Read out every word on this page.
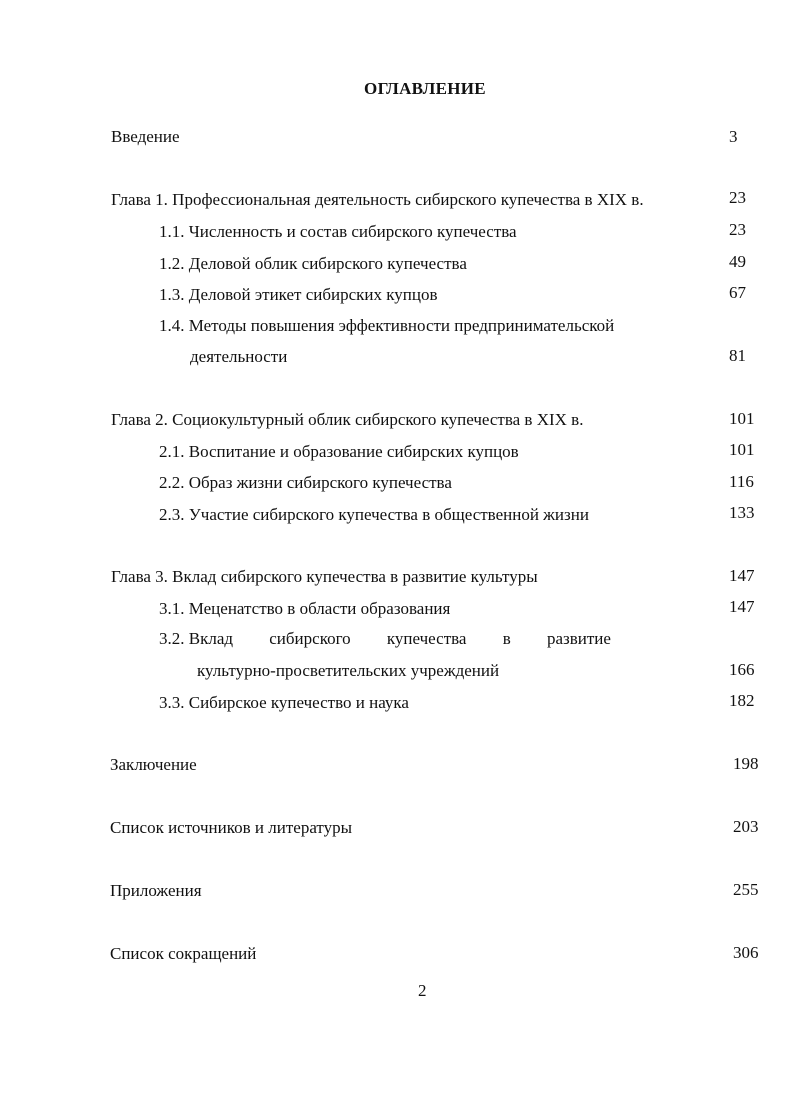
ОГЛАВЛЕНИЕ
Введение	3
Глава 1. Профессиональная деятельность сибирского купечества в XIX в.	23
1.1. Численность и состав сибирского купечества	23
1.2. Деловой облик сибирского купечества	49
1.3. Деловой этикет сибирских купцов	67
1.4. Методы повышения эффективности предпринимательской
деятельности	81
Глава 2. Социокультурный облик сибирского купечества в XIX в.	101
2.1. Воспитание и образование сибирских купцов	101
2.2. Образ жизни сибирского купечества	116
2.3. Участие сибирского купечества в общественной жизни	133
Глава 3. Вклад сибирского купечества в развитие культуры	147
3.1. Меценатство в области образования	147
3.2. Вклад сибирского купечества в развитие
культурно-просветительских учреждений	166
3.3. Сибирское купечество и наука	182
Заключение	198
Список источников и литературы	203
Приложения	255
Список сокращений	306
2
